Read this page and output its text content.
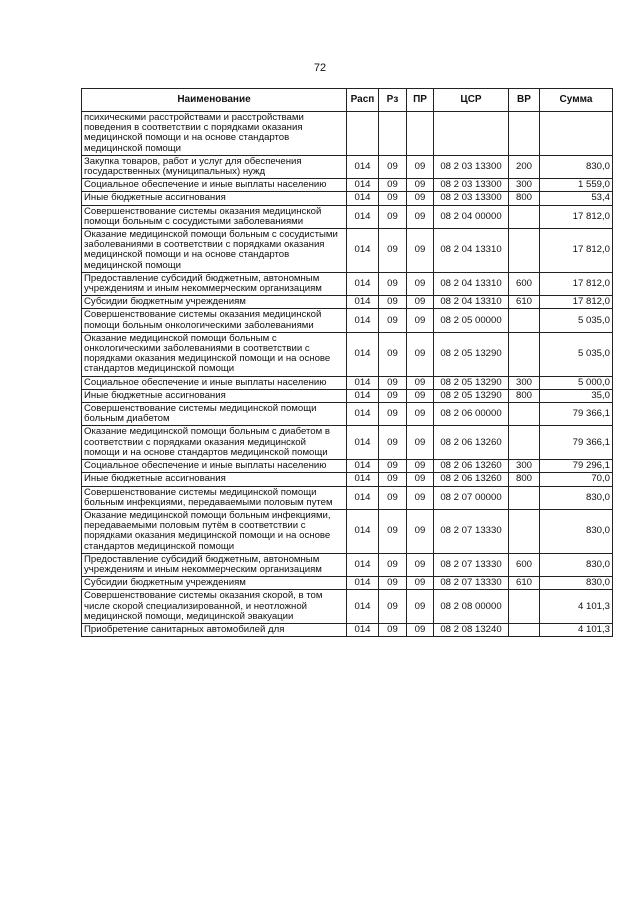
72
Наименование	Расп	Рз	ПР	ЦСР	ВР	Сумма
психическими расстройствами и расстройствами поведения в соответствии с порядками оказания медицинской помощи и на основе стандартов медицинской помощи						
Закупка товаров, работ и услуг для обеспечения государственных (муниципальных) нужд	014	09	09	08 2 03 13300	200	830,0
Социальное обеспечение и иные выплаты населению	014	09	09	08 2 03 13300	300	1 559,0
Иные бюджетные ассигнования	014	09	09	08 2 03 13300	800	53,4
Совершенствование системы оказания медицинской помощи больным с сосудистыми заболеваниями	014	09	09	08 2 04 00000		17 812,0
Оказание медицинской помощи больным с сосудистыми заболеваниями в соответствии с порядками оказания медицинской помощи и на основе стандартов медицинской помощи	014	09	09	08 2 04 13310		17 812,0
Предоставление субсидий бюджетным, автономным учреждениям и иным некоммерческим организациям	014	09	09	08 2 04 13310	600	17 812,0
Субсидии бюджетным учреждениям	014	09	09	08 2 04 13310	610	17 812,0
Совершенствование системы оказания медицинской помощи больным онкологическими заболеваниями	014	09	09	08 2 05 00000		5 035,0
Оказание медицинской помощи больным с онкологическими заболеваниями в соответствии с порядками оказания медицинской помощи и на основе стандартов медицинской помощи	014	09	09	08 2 05 13290		5 035,0
Социальное обеспечение и иные выплаты населению	014	09	09	08 2 05 13290	300	5 000,0
Иные бюджетные ассигнования	014	09	09	08 2 05 13290	800	35,0
Совершенствование системы медицинской помощи больным диабетом	014	09	09	08 2 06 00000		79 366,1
Оказание медицинской помощи больным с диабетом в соответствии с порядками оказания медицинской помощи и на основе стандартов медицинской помощи	014	09	09	08 2 06 13260		79 366,1
Социальное обеспечение и иные выплаты населению	014	09	09	08 2 06 13260	300	79 296,1
Иные бюджетные ассигнования	014	09	09	08 2 06 13260	800	70,0
Совершенствование системы медицинской помощи больным инфекциями, передаваемыми половым путем	014	09	09	08 2 07 00000		830,0
Оказание медицинской помощи больным инфекциями, передаваемыми половым путём в соответствии с порядками оказания медицинской помощи и на основе стандартов медицинской помощи	014	09	09	08 2 07 13330		830,0
Предоставление субсидий бюджетным, автономным учреждениям и иным некоммерческим организациям	014	09	09	08 2 07 13330	600	830,0
Субсидии бюджетным учреждениям	014	09	09	08 2 07 13330	610	830,0
Совершенствование системы оказания скорой, в том числе скорой специализированной, и неотложной медицинской помощи, медицинской эвакуации	014	09	09	08 2 08 00000		4 101,3
Приобретение санитарных автомобилей для	014	09	09	08 2 08 13240		4 101,3
